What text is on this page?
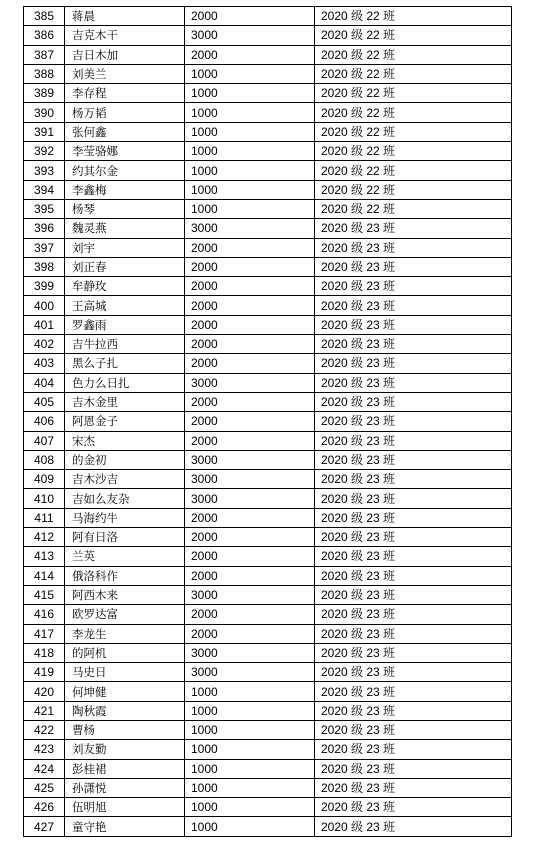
385	蒋晨	2000	2020 级 22 班
386	吉克木干	3000	2020 级 22 班
387	吉日木加	2000	2020 级 22 班
388	刘美兰	1000	2020 级 22 班
389	李存程	1000	2020 级 22 班
390	杨万韬	1000	2020 级 22 班
391	张何鑫	1000	2020 级 22 班
392	李莹骆娜	1000	2020 级 22 班
393	约其尔金	1000	2020 级 22 班
394	李鑫梅	1000	2020 级 22 班
395	杨琴	1000	2020 级 22 班
396	魏灵燕	3000	2020 级 23 班
397	刘宇	2000	2020 级 23 班
398	刘正春	2000	2020 级 23 班
399	牟静玫	2000	2020 级 23 班
400	王高城	2000	2020 级 23 班
401	罗鑫雨	2000	2020 级 23 班
402	吉牛拉西	2000	2020 级 23 班
403	黑么子扎	2000	2020 级 23 班
404	色力么日扎	3000	2020 级 23 班
405	吉木金里	2000	2020 级 23 班
406	阿恩金子	2000	2020 级 23 班
407	宋杰	2000	2020 级 23 班
408	的金初	3000	2020 级 23 班
409	吉木沙吉	3000	2020 级 23 班
410	吉如么友杂	3000	2020 级 23 班
411	马海约牛	2000	2020 级 23 班
412	阿有日洛	2000	2020 级 23 班
413	兰英	2000	2020 级 23 班
414	俄洛科作	2000	2020 级 23 班
415	阿西木来	3000	2020 级 23 班
416	欧罗达富	2000	2020 级 23 班
417	李龙生	2000	2020 级 23 班
418	的阿机	3000	2020 级 23 班
419	马史日	3000	2020 级 23 班
420	何坤健	1000	2020 级 23 班
421	陶秋霞	1000	2020 级 23 班
422	曹杨	1000	2020 级 23 班
423	刘友勤	1000	2020 级 23 班
424	彭桂裙	1000	2020 级 23 班
425	孙潇悦	1000	2020 级 23 班
426	伍明旭	1000	2020 级 23 班
427	童守艳	1000	2020 级 23 班
